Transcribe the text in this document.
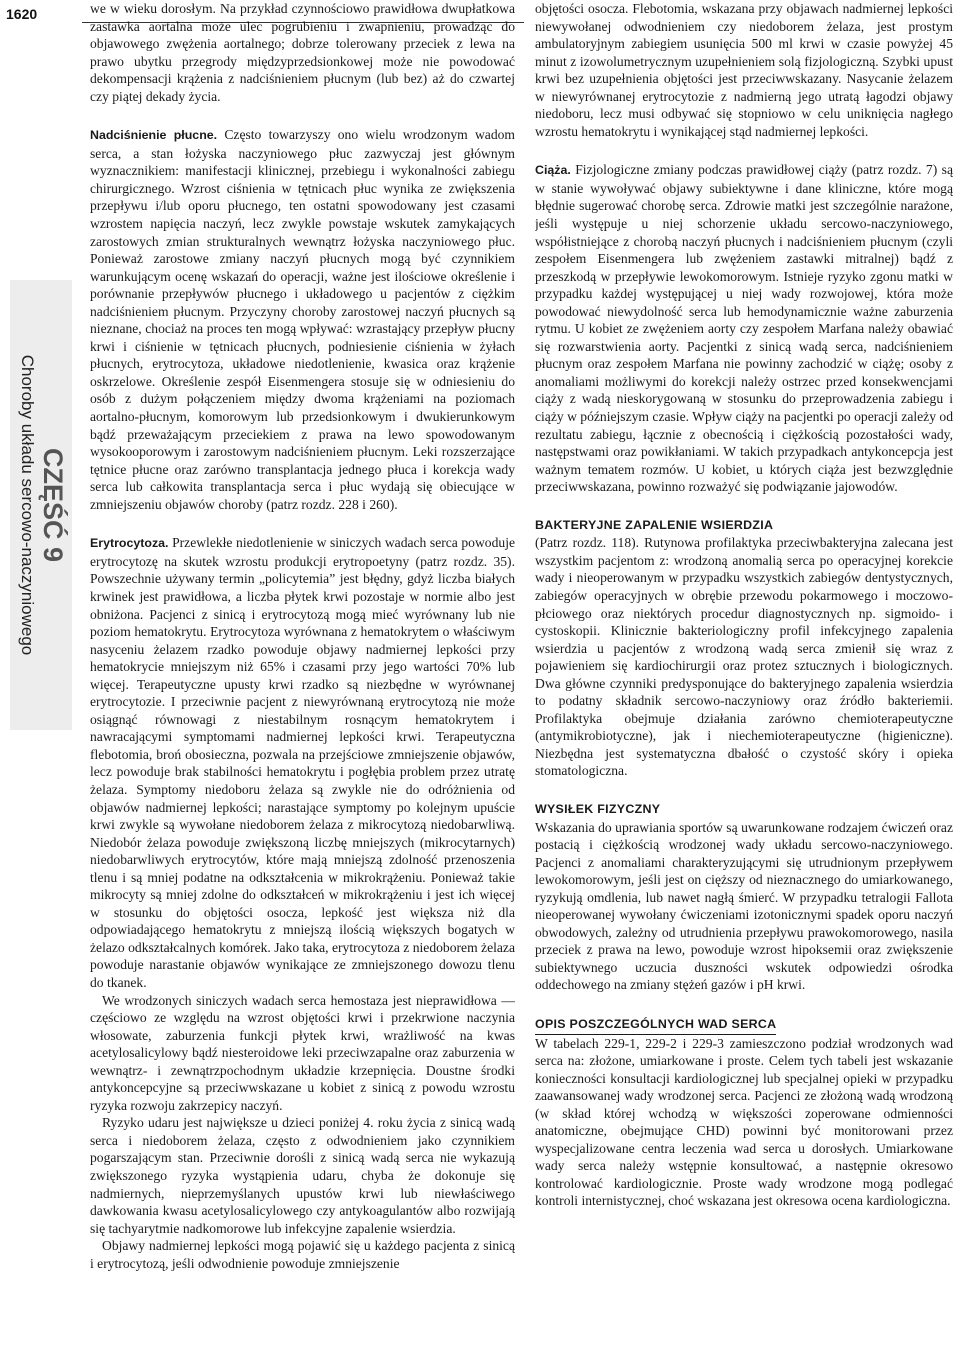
1620
CZĘŚĆ 9
Choroby układu sercowo-naczyniowego

we w wieku dorosłym. Na przykład czynnościowo prawidłowa dwupłatkowa zastawka aortalna może ulec pogrubieniu i zwapnieniu, prowadząc do objawowego zwężenia aortalnego; dobrze tolerowany przeciek z lewa na prawo ubytku przegrody międzyprzedsionkowej może nie powodować dekompensacji krążenia z nadciśnieniem płucnym (lub bez) aż do czwartej czy piątej dekady życia.

Nadciśnienie płucne. Często towarzyszy ono wielu wrodzonym wadom serca, a stan łożyska naczyniowego płuc zazwyczaj jest głównym wyznacznikiem: manifestacji klinicznej, przebiegu i wykonalności zabiegu chirurgicznego. Wzrost ciśnienia w tętnicach płuc wynika ze zwiększenia przepływu i/lub oporu płucnego, ten ostatni spowodowany jest czasami wzrostem napięcia naczyń, lecz zwykle powstaje wskutek zamykających zarostowych zmian strukturalnych wewnątrz łożyska naczyniowego płuc. Ponieważ zarostowe zmiany naczyń płucnych mogą być czynnikiem warunkującym ocenę wskazań do operacji, ważne jest ilościowe określenie i porównanie przepływów płucnego i układowego u pacjentów z ciężkim nadciśnieniem płucnym. Przyczyny choroby zarostowej naczyń płucnych są nieznane, chociaż na proces ten mogą wpływać: wzrastający przepływ płucny krwi i ciśnienie w tętnicach płucnych, podniesienie ciśnienia w żyłach płucnych, erytrocytoza, układowe niedotlenienie, kwasica oraz krążenie oskrzelowe. Określenie zespół Eisenmengera stosuje się w odniesieniu do osób z dużym połączeniem między dwoma krążeniami na poziomach aortalno-płucnym, komorowym lub przedsionkowym i dwukierunkowym bądź przeważającym przeciekiem z prawa na lewo spowodowanym wysokooporowym i zarostowym nadciśnieniem płucnym. Leki rozszerzające tętnice płucne oraz zarówno transplantacja jednego płuca i korekcja wady serca lub całkowita transplantacja serca i płuc wydają się obiecujące w zmniejszeniu objawów choroby (patrz rozdz. 228 i 260).

Erytrocytoza. Przewlekłe niedotlenienie w siniczych wadach serca powoduje erytrocytozę na skutek wzrostu produkcji erytropoetyny (patrz rozdz. 35). Powszechnie używany termin „policytemia” jest błędny, gdyż liczba białych krwinek jest prawidłowa, a liczba płytek krwi pozostaje w normie albo jest obniżona. Pacjenci z sinicą i erytrocytozą mogą mieć wyrównany lub nie poziom hematokrytu. Erytrocytoza wyrównana z hematokrytem o właściwym nasyceniu żelazem rzadko powoduje objawy nadmiernej lepkości przy hematokrycie mniejszym niż 65% i czasami przy jego wartości 70% lub więcej. Terapeutyczne upusty krwi rzadko są niezbędne w wyrównanej erytrocytozie. I przeciwnie pacjent z niewyrównaną erytrocytozą nie może osiągnąć równowagi z niestabilnym rosnącym hematokrytem i nawracającymi symptomami nadmiernej lepkości krwi. Terapeutyczna flebotomia, broń obosieczna, pozwala na przejściowe zmniejszenie objawów, lecz powoduje brak stabilności hematokrytu i pogłębia problem przez utratę żelaza. Symptomy niedoboru żelaza są zwykle nie do odróżnienia od objawów nadmiernej lepkości; narastające symptomy po kolejnym upuście krwi zwykle są wywołane niedoborem żelaza z mikrocytozą niedobarwliwą. Niedobór żelaza powoduje zwiększoną liczbę mniejszych (mikrocytarnych) niedobarwliwych erytrocytów, które mają mniejszą zdolność przenoszenia tlenu i są mniej podatne na odkształcenia w mikrokrążeniu. Ponieważ takie mikrocyty są mniej zdolne do odkształceń w mikrokrążeniu i jest ich więcej w stosunku do objętości osocza, lepkość jest większa niż dla odpowiadającego hematokrytu z mniejszą ilością większych bogatych w żelazo odkształcalnych komórek. Jako taka, erytrocytoza z niedoborem żelaza powoduje narastanie objawów wynikające ze zmniejszonego dowozu tlenu do tkanek.

We wrodzonych siniczych wadach serca hemostaza jest nieprawidłowa — częściowo ze względu na wzrost objętości krwi i przekrwione naczynia włosowate, zaburzenia funkcji płytek krwi, wrażliwość na kwas acetylosalicylowy bądź niesteroidowe leki przeciwzapalne oraz zaburzenia w wewnątrz- i zewnątrzpochodnym układzie krzepnięcia. Doustne środki antykoncepcyjne są przeciwwskazane u kobiet z sinicą z powodu wzrostu ryzyka rozwoju zakrzepicy naczyń.

Ryzyko udaru jest największe u dzieci poniżej 4. roku życia z sinicą wadą serca i niedoborem żelaza, często z odwodnieniem jako czynnikiem pogarszającym stan. Przeciwnie dorośli z sinicą wadą serca nie wykazują zwiększonego ryzyka wystąpienia udaru, chyba że dokonuje się nadmiernych, nieprzemyślanych upustów krwi lub niewłaściwego dawkowania kwasu acetylosalicylowego czy antykoagulantów albo rozwijają się tachyarytmie nadkomorowe lub infekcyjne zapalenie wsierdzia.

Objawy nadmiernej lepkości mogą pojawić się u każdego pacjenta z sinicą i erytrocytozą, jeśli odwodnienie powoduje zmniejszenie

objętości osocza. Flebotomia, wskazana przy objawach nadmiernej lepkości niewywołanej odwodnieniem czy niedoborem żelaza, jest prostym ambulatoryjnym zabiegiem usunięcia 500 ml krwi w czasie powyżej 45 minut z izowolumetrycznym uzupełnieniem solą fizjologiczną. Szybki upust krwi bez uzupełnienia objętości jest przeciwwskazany. Nasycanie żelazem w niewyrównanej erytrocytozie z nadmierną jego utratą łagodzi objawy niedoboru, lecz musi odbywać się stopniowo w celu uniknięcia nagłego wzrostu hematokrytu i wynikającej stąd nadmiernej lepkości.

Ciąża. Fizjologiczne zmiany podczas prawidłowej ciąży (patrz rozdz. 7) są w stanie wywoływać objawy subiektywne i dane kliniczne, które mogą błędnie sugerować chorobę serca. Zdrowie matki jest szczególnie narażone, jeśli występuje u niej schorzenie układu sercowo-naczyniowego, współistniejące z chorobą naczyń płucnych i nadciśnieniem płucnym (czyli zespołem Eisenmengera lub zwężeniem zastawki mitralnej) bądź z przeszkodą w przepływie lewokomorowym. Istnieje ryzyko zgonu matki w przypadku każdej występującej u niej wady rozwojowej, która może powodować niewydolność serca lub hemodynamicznie ważne zaburzenia rytmu. U kobiet ze zwężeniem aorty czy zespołem Marfana należy obawiać się rozwarstwienia aorty. Pacjentki z sinicą wadą serca, nadciśnieniem płucnym oraz zespołem Marfana nie powinny zachodzić w ciążę; osoby z anomaliami możliwymi do korekcji należy ostrzec przed konsekwencjami ciąży z wadą nieskorygowaną w stosunku do przeprowadzenia zabiegu i ciąży w późniejszym czasie. Wpływ ciąży na pacjentki po operacji zależy od rezultatu zabiegu, łącznie z obecnością i ciężkością pozostałości wady, następstwami oraz powikłaniami. W takich przypadkach antykoncepcja jest ważnym tematem rozmów. U kobiet, u których ciąża jest bezwzględnie przeciwwskazana, powinno rozważyć się podwiązanie jajowodów.

BAKTERYJNE ZAPALENIE WSIERDZIA

(Patrz rozdz. 118). Rutynowa profilaktyka przeciwbakteryjna zalecana jest wszystkim pacjentom z: wrodzoną anomalią serca po operacyjnej korekcie wady i nieoperowanym w przypadku wszystkich zabiegów dentystycznych, zabiegów operacyjnych w obrębie przewodu pokarmowego i moczowo-płciowego oraz niektórych procedur diagnostycznych np. sigmoido- i cystoskopii. Klinicznie bakteriologiczny profil infekcyjnego zapalenia wsierdzia u pacjentów z wrodzoną wadą serca zmienił się wraz z pojawieniem się kardiochirurgii oraz protez sztucznych i biologicznych. Dwa główne czynniki predysponujące do bakteryjnego zapalenia wsierdzia to podatny składnik sercowo-naczyniowy oraz źródło bakteriemii. Profilaktyka obejmuje działania zarówno chemioterapeutyczne (antymikrobiotyczne), jak i niechemioterapeutyczne (higieniczne). Niezbędna jest systematyczna dbałość o czystość skóry i opieka stomatologiczna.

WYSIŁEK FIZYCZNY

Wskazania do uprawiania sportów są uwarunkowane rodzajem ćwiczeń oraz postacią i ciężkością wrodzonej wady układu sercowo-naczyniowego. Pacjenci z anomaliami charakteryzującymi się utrudnionym przepływem lewokomorowym, jeśli jest on cięższy od nieznacznego do umiarkowanego, ryzykują omdlenia, lub nawet nagłą śmierć. W przypadku tetralogii Fallota nieoperowanej wywołany ćwiczeniami izotonicznymi spadek oporu naczyń obwodowych, zależny od utrudnienia przepływu prawokomorowego, nasila przeciek z prawa na lewo, powoduje wzrost hipoksemii oraz zwiększenie subiektywnego uczucia duszności wskutek odpowiedzi ośrodka oddechowego na zmiany stężeń gazów i pH krwi.

OPIS POSZCZEGÓLNYCH WAD SERCA

W tabelach 229-1, 229-2 i 229-3 zamieszczono podział wrodzonych wad serca na: złożone, umiarkowane i proste. Celem tych tabeli jest wskazanie konieczności konsultacji kardiologicznej lub specjalnej opieki w przypadku zaawansowanej wady wrodzonej serca. Pacjenci ze złożoną wadą wrodzoną (w skład której wchodzą w większości zoperowane odmienności anatomiczne, obejmujące CHD) powinni być monitorowani przez wyspecjalizowane centra leczenia wad serca u dorosłych. Umiarkowane wady serca należy wstępnie konsultować, a następnie okresowo kontrolować kardiologicznie. Proste wady wrodzone mogą podlegać kontroli internistycznej, choć wskazana jest okresowa ocena kardiologiczna.
